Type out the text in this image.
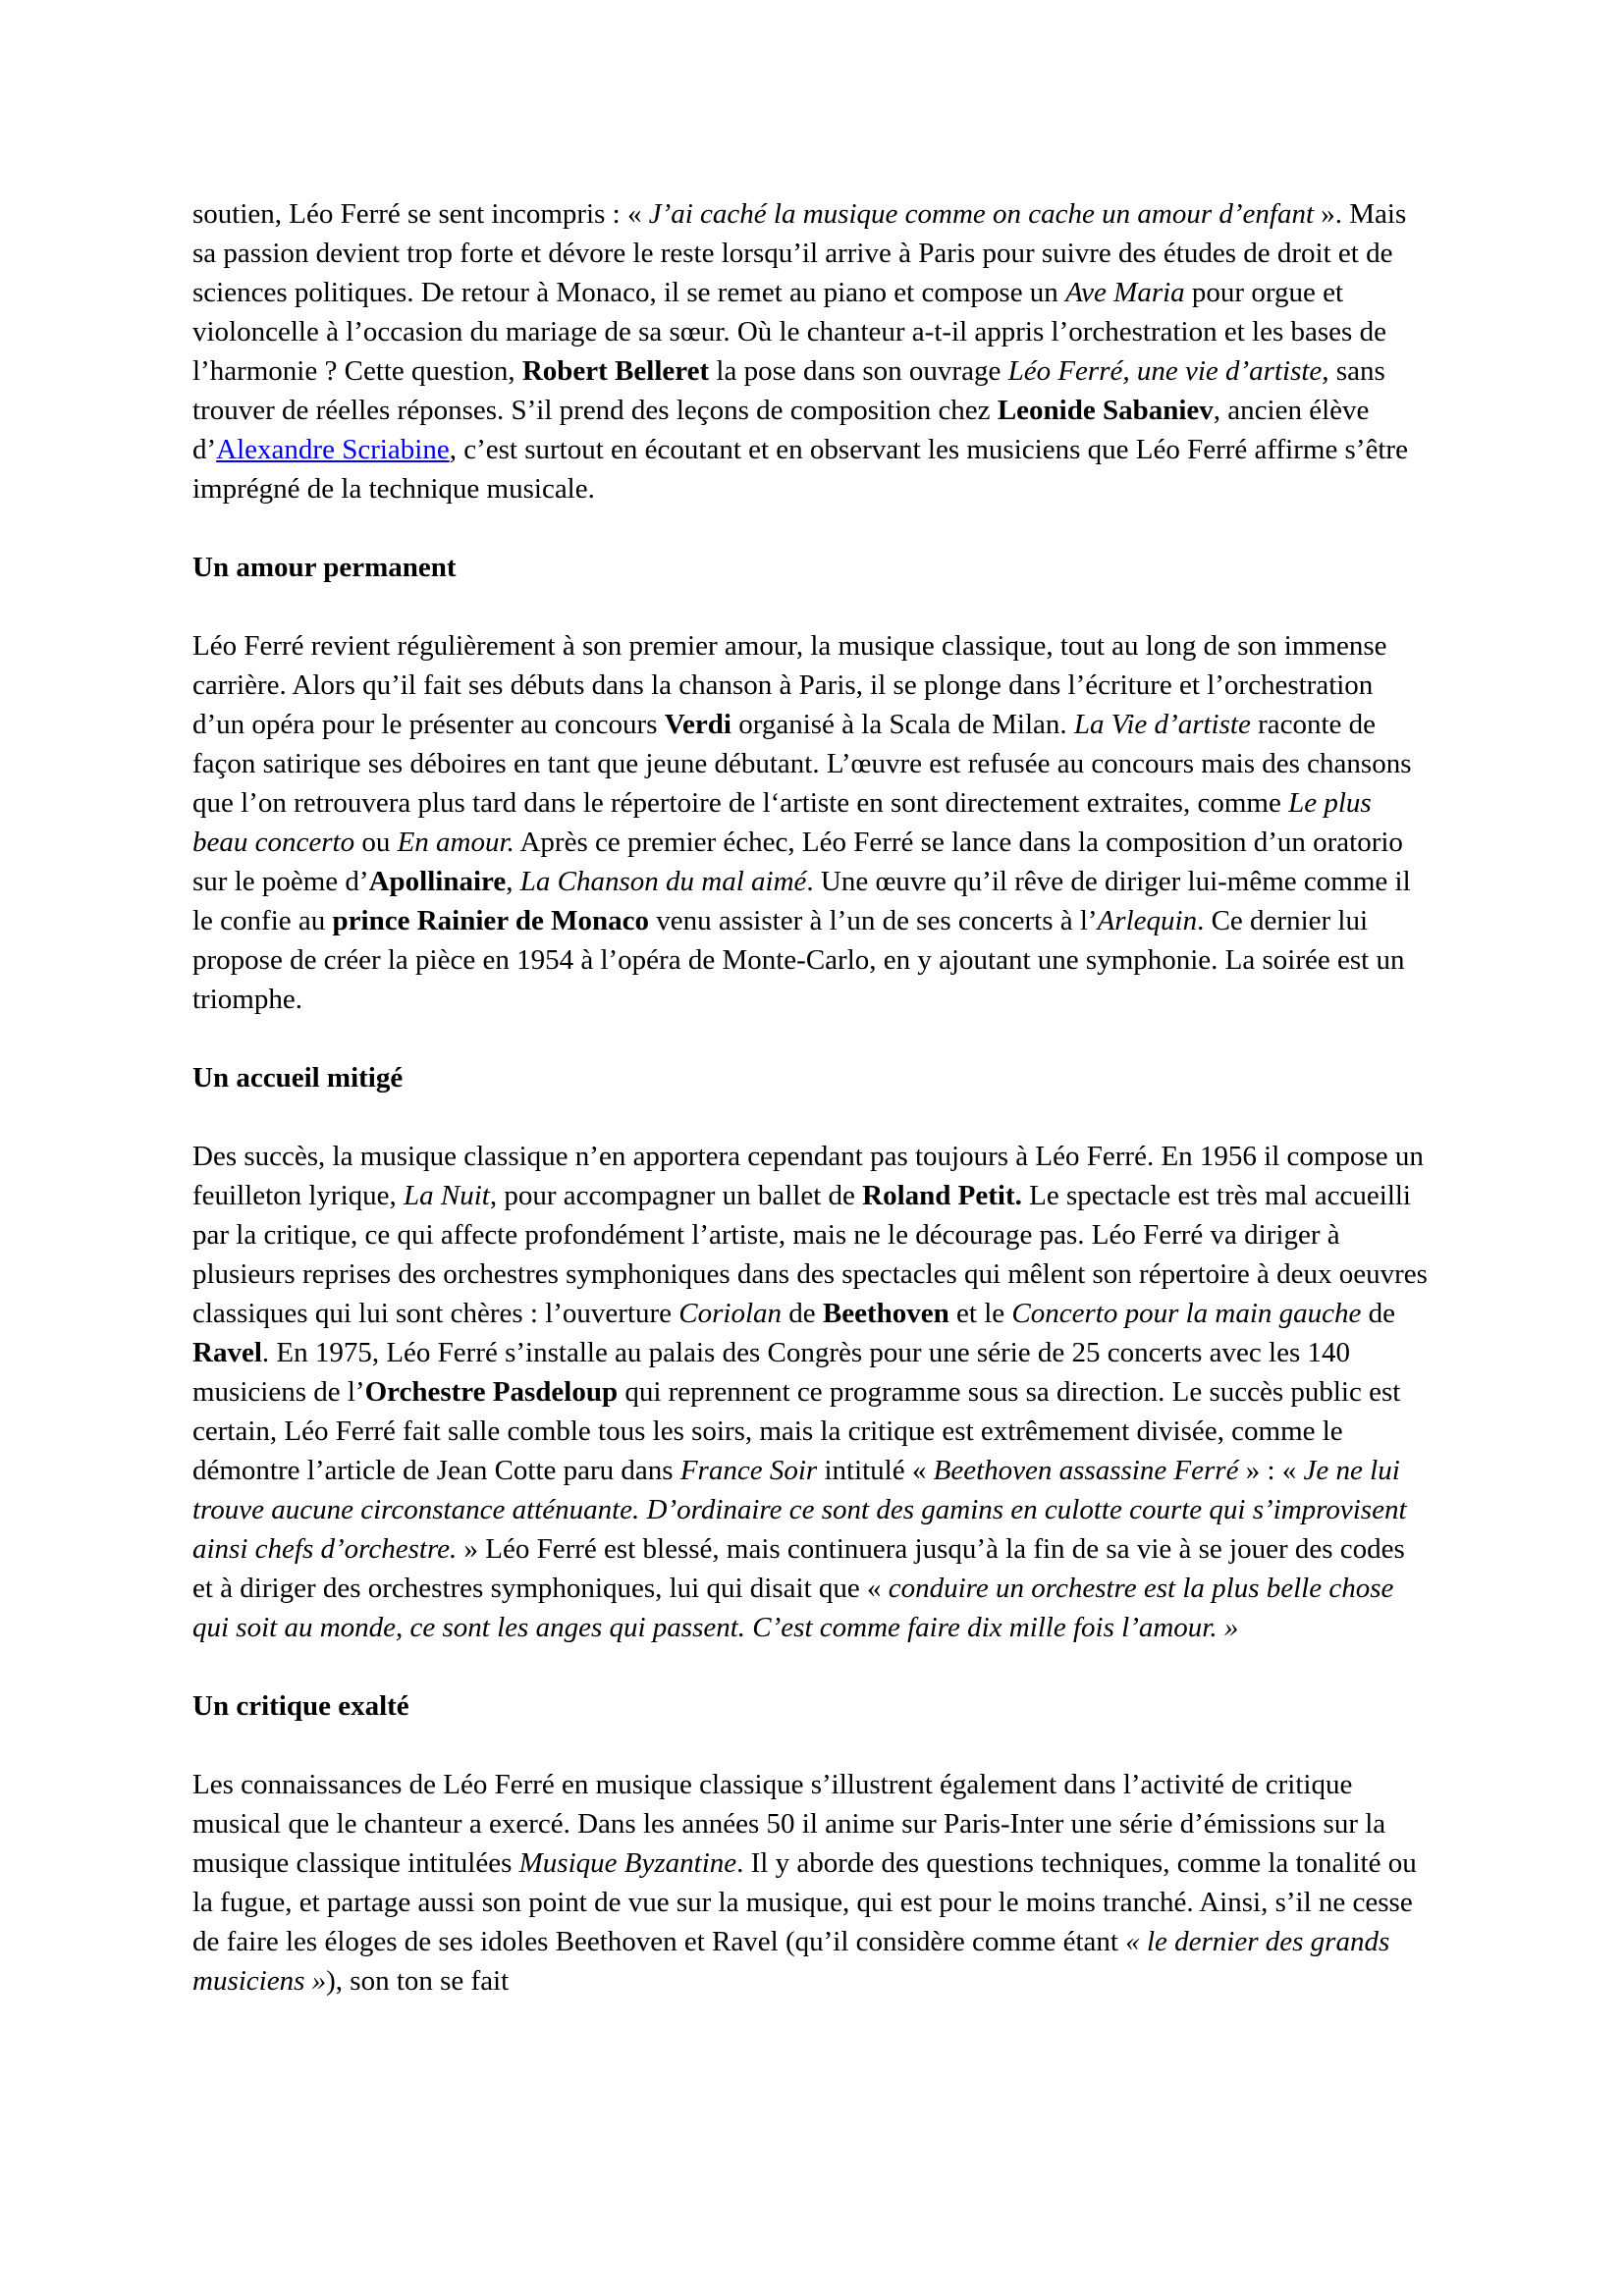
soutien, Léo Ferré se sent incompris : « J’ai caché la musique comme on cache un amour d’enfant ». Mais sa passion devient trop forte et dévore le reste lorsqu’il arrive à Paris pour suivre des études de droit et de sciences politiques. De retour à Monaco, il se remet au piano et compose un Ave Maria pour orgue et violoncelle à l’occasion du mariage de sa sœur. Où le chanteur a-t-il appris l’orchestration et les bases de l’harmonie ? Cette question, Robert Belleret la pose dans son ouvrage Léo Ferré, une vie d’artiste, sans trouver de réelles réponses. S’il prend des leçons de composition chez Leonide Sabaniev, ancien élève d’Alexandre Scriabine, c’est surtout en écoutant et en observant les musiciens que Léo Ferré affirme s’être imprégné de la technique musicale.

Un amour permanent

Léo Ferré revient régulièrement à son premier amour, la musique classique, tout au long de son immense carrière. Alors qu’il fait ses débuts dans la chanson à Paris, il se plonge dans l’écriture et l’orchestration d’un opéra pour le présenter au concours Verdi organisé à la Scala de Milan. La Vie d’artiste raconte de façon satirique ses déboires en tant que jeune débutant. L’œuvre est refusée au concours mais des chansons que l’on retrouvera plus tard dans le répertoire de l‘artiste en sont directement extraites, comme Le plus beau concerto ou En amour. Après ce premier échec, Léo Ferré se lance dans la composition d’un oratorio sur le poème d’Apollinaire, La Chanson du mal aimé. Une œuvre qu’il rêve de diriger lui-même comme il le confie au prince Rainier de Monaco venu assister à l’un de ses concerts à l’Arlequin. Ce dernier lui propose de créer la pièce en 1954 à l’opéra de Monte-Carlo, en y ajoutant une symphonie. La soirée est un triomphe.

Un accueil mitigé

Des succès, la musique classique n’en apportera cependant pas toujours à Léo Ferré. En 1956 il compose un feuilleton lyrique, La Nuit, pour accompagner un ballet de Roland Petit. Le spectacle est très mal accueilli par la critique, ce qui affecte profondément l’artiste, mais ne le décourage pas. Léo Ferré va diriger à plusieurs reprises des orchestres symphoniques dans des spectacles qui mêlent son répertoire à deux oeuvres classiques qui lui sont chères : l’ouverture Coriolan de Beethoven et le Concerto pour la main gauche de Ravel. En 1975, Léo Ferré s’installe au palais des Congrès pour une série de 25 concerts avec les 140 musiciens de l’Orchestre Pasdeloup qui reprennent ce programme sous sa direction. Le succès public est certain, Léo Ferré fait salle comble tous les soirs, mais la critique est extrêmement divisée, comme le démontre l’article de Jean Cotte paru dans France Soir intitulé « Beethoven assassine Ferré » : « Je ne lui trouve aucune circonstance atténuante. D’ordinaire ce sont des gamins en culotte courte qui s’improvisent ainsi chefs d’orchestre. » Léo Ferré est blessé, mais continuera jusqu’à la fin de sa vie à se jouer des codes et à diriger des orchestres symphoniques, lui qui disait que « conduire un orchestre est la plus belle chose qui soit au monde, ce sont les anges qui passent. C’est comme faire dix mille fois l’amour. »

Un critique exalté

Les connaissances de Léo Ferré en musique classique s’illustrent également dans l’activité de critique musical que le chanteur a exercé. Dans les années 50 il anime sur Paris-Inter une série d’émissions sur la musique classique intitulées Musique Byzantine. Il y aborde des questions techniques, comme la tonalité ou la fugue, et partage aussi son point de vue sur la musique, qui est pour le moins tranché. Ainsi, s’il ne cesse de faire les éloges de ses idoles Beethoven et Ravel (qu’il considère comme étant « le dernier des grands musiciens »), son ton se fait
